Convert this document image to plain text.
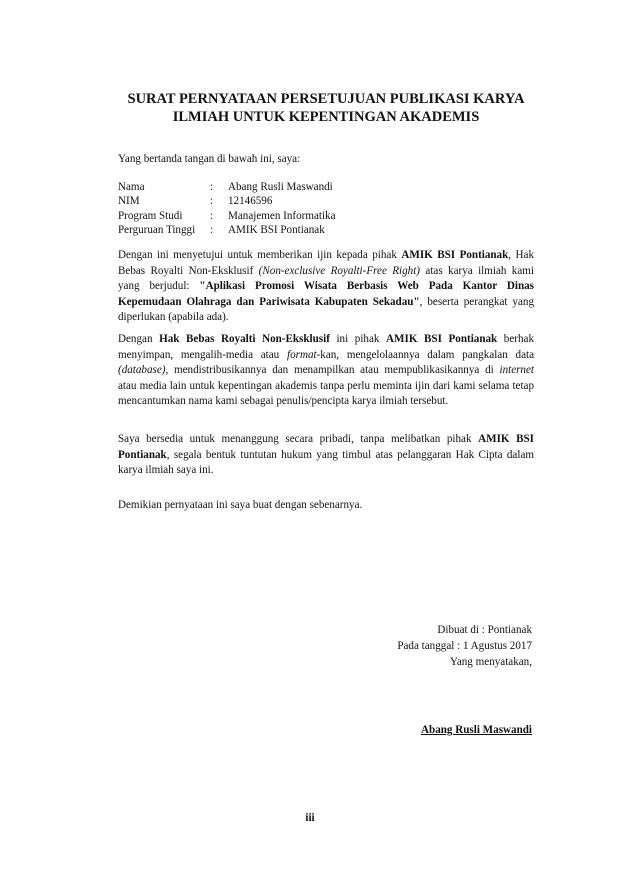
SURAT PERNYATAAN PERSETUJUAN PUBLIKASI KARYA
ILMIAH UNTUK KEPENTINGAN AKADEMIS
Yang bertanda tangan di bawah ini, saya:
Nama	:	Abang Rusli Maswandi
NIM	:	12146596
Program Studi	:	Manajemen Informatika
Perguruan Tinggi	:	AMIK BSI Pontianak
Dengan ini menyetujui untuk memberikan ijin kepada pihak AMIK BSI Pontianak, Hak Bebas Royalti Non-Eksklusif (Non-exclusive Royalti-Free Right) atas karya ilmiah kami yang berjudul: "Aplikasi Promosi Wisata Berbasis Web Pada Kantor Dinas Kepemudaan Olahraga dan Pariwisata Kabupaten Sekadau", beserta perangkat yang diperlukan (apabila ada).
Dengan Hak Bebas Royalti Non-Eksklusif ini pihak AMIK BSI Pontianak berhak menyimpan, mengalih-media atau format-kan, mengelolaannya dalam pangkalan data (database), mendistribusikannya dan menampilkan atau mempublikasikannya di internet atau media lain untuk kepentingan akademis tanpa perlu meminta ijin dari kami selama tetap mencantumkan nama kami sebagai penulis/pencipta karya ilmiah tersebut.
Saya bersedia untuk menanggung secara pribadi, tanpa melibatkan pihak AMIK BSI Pontianak, segala bentuk tuntutan hukum yang timbul atas pelanggaran Hak Cipta dalam karya ilmiah saya ini.
Demikian pernyataan ini saya buat dengan sebenarnya.
Dibuat di : Pontianak
Pada tanggal : 1 Agustus 2017
Yang menyatakan,
Abang Rusli Maswandi
iii
